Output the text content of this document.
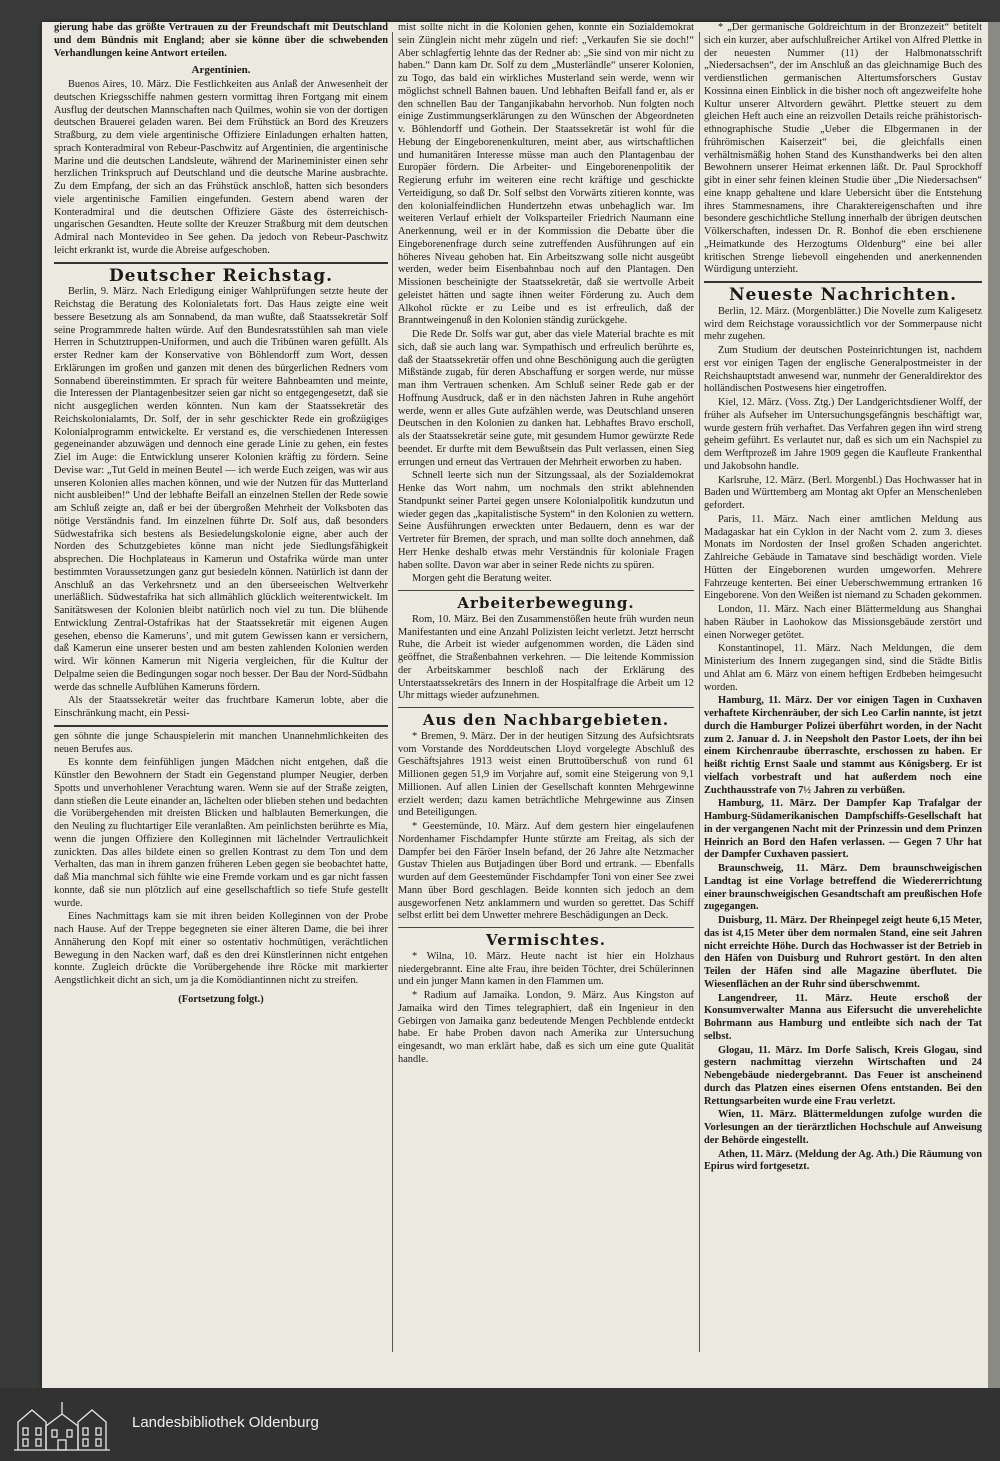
gierung habe das größte Vertrauen zu der Freundschaft mit Deutschland und dem Bündnis mit England; aber sie könne über die schwebenden Verhandlungen keine Antwort erteilen.

Argentinien.

Buenos Aires, 10. März. Die Festlichkeiten aus Anlaß der Anwesenheit der deutschen Kriegsschiffe nahmen gestern vormittag ihren Fortgang mit einem Ausflug der deutschen Mannschaften nach Quilmes, wohin sie von der dortigen deutschen Brauerei geladen waren. Bei dem Frühstück an Bord des Kreuzers Straßburg, zu dem viele argentinische Offiziere Einladungen erhalten hatten, sprach Konteradmiral von Rebeur-Paschwitz auf Argentinien, die argentinische Marine und die deutschen Landsleute, während der Marineminister einen sehr herzlichen Trinkspruch auf Deutschland und die deutsche Marine ausbrachte. Zu dem Empfang, der sich an das Frühstück anschloß, hatten sich besonders viele argentinische Familien eingefunden. Gestern abend waren der Konteradmiral und die deutschen Offiziere Gäste des österreichisch-ungarischen Gesandten. Heute sollte der Kreuzer Straßburg mit dem deutschen Admiral nach Montevideo in See gehen. Da jedoch von Rebeur-Paschwitz leicht erkrankt ist, wurde die Abreise aufgeschoben.

Deutscher Reichstag.

Berlin, 9. März. Nach Erledigung einiger Wahlprüfungen setzte heute der Reichstag die Beratung des Kolonialetats fort. Das Haus zeigte eine weit bessere Besetzung als am Sonnabend, da man wußte, daß Staatssekretär Solf seine Programmrede halten würde. Auf den Bundesratsstühlen sah man viele Herren in Schutztruppen-Uniformen, und auch die Tribünen waren gefüllt. Als erster Redner kam der Konservative von Böhlendorff zum Wort, dessen Erklärungen im großen und ganzen mit denen des bürgerlichen Redners vom Sonnabend übereinstimmten. Er sprach für weitere Bahnbeamten und meinte, die Interessen der Plantagenbesitzer seien gar nicht so entgegengesetzt, daß sie nicht ausgeglichen werden könnten. Nun kam der Staatssekretär des Reichskolonialamts, Dr. Solf, der in sehr geschickter Rede ein großzügiges Kolonialprogramm entwickelte. Er verstand es, die verschiedenen Interessen gegeneinander abzuwägen und dennoch eine gerade Linie zu gehen, ein festes Ziel im Auge: die Entwicklung unserer Kolonien kräftig zu fördern. Seine Devise war: „Tut Geld in meinen Beutel — ich werde Euch zeigen, was wir aus unseren Kolonien alles machen können, und wie der Nutzen für das Mutterland nicht ausbleiben!“ Und der lebhafte Beifall an einzelnen Stellen der Rede sowie am Schluß zeigte an, daß er bei der übergroßen Mehrheit der Volksboten das nötige Verständnis fand. Im einzelnen führte Dr. Solf aus, daß besonders Südwestafrika sich bestens als Besiedelungskolonie eigne, aber auch der Norden des Schutzgebietes könne man nicht jede Siedlungsfähigkeit absprechen. Die Hochplateaus in Kamerun und Ostafrika würde man unter bestimmten Voraussetzungen ganz gut besiedeln können. Natürlich ist dann der Anschluß an das Verkehrsnetz und an den überseeischen Weltverkehr unerläßlich. Südwestafrika hat sich allmählich glücklich weiterentwickelt. Im Sanitätswesen der Kolonien bleibt natürlich noch viel zu tun. Die blühende Entwicklung Zentral-Ostafrikas hat der Staatssekretär mit eigenen Augen gesehen, ebenso die Kamerunsʼ, und mit gutem Gewissen kann er versichern, daß Kamerun eine unserer besten und am besten zahlenden Kolonien werden wird. Wir können Kamerun mit Nigeria vergleichen, für die Kultur der Delpalme seien die Bedingungen sogar noch besser. Der Bau der Nord-Südbahn werde das schnelle Aufblühen Kameruns fördern.

Als der Staatssekretär weiter das fruchtbare Kamerun lobte, aber die Einschränkung macht, ein Pessi-

gen söhnte die junge Schauspielerin mit manchen Unannehmlichkeiten des neuen Berufes aus.

Es konnte dem feinfühligen jungen Mädchen nicht entgehen, daß die Künstler den Bewohnern der Stadt ein Gegenstand plumper Neugier, derben Spotts und unverhohlener Verachtung waren. Wenn sie auf der Straße zeigten, dann stießen die Leute einander an, lächelten oder blieben stehen und bedachten die Vorübergehenden mit dreisten Blicken und halblauten Bemerkungen, die den Neuling zu fluchtartiger Eile veranlaßten. Am peinlichsten berührte es Mia, wenn die jungen Offiziere den Kolleginnen mit lächelnder Vertraulichkeit zunickten. Das alles bildete einen so grellen Kontrast zu dem Ton und dem Verhalten, das man in ihrem ganzen früheren Leben gegen sie beobachtet hatte, daß Mia manchmal sich fühlte wie eine Fremde vorkam und es gar nicht fassen konnte, daß sie nun plötzlich auf eine gesellschaftlich so tiefe Stufe gestellt wurde.

Eines Nachmittags kam sie mit ihren beiden Kolleginnen von der Probe nach Hause. Auf der Treppe begegneten sie einer älteren Dame, die bei ihrer Annäherung den Kopf mit einer so ostentativ hochmütigen, verächtlichen Bewegung in den Nacken warf, daß es den drei Künstlerinnen nicht entgehen konnte. Zugleich drückte die Vorübergehende ihre Röcke mit markierter Aengstlichkeit dicht an sich, um ja die Komödiantinnen nicht zu streifen.

(Fortsetzung folgt.)

mist sollte nicht in die Kolonien gehen, konnte ein Sozialdemokrat sein Zünglein nicht mehr zügeln und rief: „Verkaufen Sie sie doch!“ Aber schlagfertig lehnte das der Redner ab: „Sie sind von mir nicht zu haben.“ Dann kam Dr. Solf zu dem „Musterländle“ unserer Kolonien, zu Togo, das bald ein wirkliches Musterland sein werde, wenn wir möglichst schnell Bahnen bauen. Und lebhaften Beifall fand er, als er den schnellen Bau der Tanganjikabahn hervorhob. Nun folgten noch einige Zustimmungserklärungen zu den Wünschen der Abgeordneten v. Böhlendorff und Gothein. Der Staatssekretär ist wohl für die Hebung der Eingeborenenkulturen, meint aber, aus wirtschaftlichen und humanitären Interesse müsse man auch den Plantagenbau der Europäer fördern. Die Arbeiter- und Eingeborenenpolitik der Regierung erfuhr im weiteren eine recht kräftige und geschickte Verteidigung, so daß Dr. Solf selbst den Vorwärts zitieren konnte, was den kolonialfeindlichen Hundertzehn etwas unbehaglich war. Im weiteren Verlauf erhielt der Volksparteiler Friedrich Naumann eine Anerkennung, weil er in der Kommission die Debatte über die Eingeborenenfrage durch seine zutreffenden Ausführungen auf ein höheres Niveau gehoben hat. Ein Arbeitszwang solle nicht ausgeübt werden, weder beim Eisenbahnbau noch auf den Plantagen. Den Missionen bescheinigte der Staatssekretär, daß sie wertvolle Arbeit geleistet hätten und sagte ihnen weiter Förderung zu. Auch dem Alkohol rückte er zu Leibe und es ist erfreulich, daß der Branntweingenuß in den Kolonien ständig zurückgehe.

Die Rede Dr. Solfs war gut, aber das viele Material brachte es mit sich, daß sie auch lang war. Sympathisch und erfreulich berührte es, daß der Staatssekretär offen und ohne Beschönigung auch die gerügten Mißstände zugab, für deren Abschaffung er sorgen werde, nur müsse man ihm Vertrauen schenken. Am Schluß seiner Rede gab er der Hoffnung Ausdruck, daß er in den nächsten Jahren in Ruhe angehört werde, wenn er alles Gute aufzählen werde, was Deutschland unseren Deutschen in den Kolonien zu danken hat. Lebhaftes Bravo erscholl, als der Staatssekretär seine gute, mit gesundem Humor gewürzte Rede beendet. Er durfte mit dem Bewußtsein das Pult verlassen, einen Sieg errungen und erneut das Vertrauen der Mehrheit erworben zu haben.

Schnell leerte sich nun der Sitzungssaal, als der Sozialdemokrat Henke das Wort nahm, um nochmals den strikt ablehnenden Standpunkt seiner Partei gegen unsere Kolonialpolitik kundzutun und wieder gegen das „kapitalistische System“ in den Kolonien zu wettern. Seine Ausführungen erweckten unter Bedauern, denn es war der Vertreter für Bremen, der sprach, und man sollte doch annehmen, daß Herr Henke deshalb etwas mehr Verständnis für koloniale Fragen haben sollte. Davon war aber in seiner Rede nichts zu spüren.

Morgen geht die Beratung weiter.

Arbeiterbewegung.

Rom, 10. März. Bei den Zusammenstößen heute früh wurden neun Manifestanten und eine Anzahl Polizisten leicht verletzt. Jetzt herrscht Ruhe, die Arbeit ist wieder aufgenommen worden, die Läden sind geöffnet, die Straßenbahnen verkehren. — Die leitende Kommission der Arbeitskammer beschloß nach der Erklärung des Unterstaatssekretärs des Innern in der Hospitalfrage die Arbeit um 12 Uhr mittags wieder aufzunehmen.

Aus den Nachbargebieten.

* Bremen, 9. März. Der in der heutigen Sitzung des Aufsichtsrats vom Vorstande des Norddeutschen Lloyd vorgelegte Abschluß des Geschäftsjahres 1913 weist einen Bruttoüberschuß von rund 61 Millionen gegen 51,9 im Vorjahre auf, somit eine Steigerung von 9,1 Millionen. Auf allen Linien der Gesellschaft konnten Mehrgewinne erzielt werden; dazu kamen beträchtliche Mehrgewinne aus Zinsen und Beteiligungen.

* Geestemünde, 10. März. Auf dem gestern hier eingelaufenen Nordenhamer Fischdampfer Hunte stürzte am Freitag, als sich der Dampfer bei den Färöer Inseln befand, der 26 Jahre alte Netzmacher Gustav Thielen aus Butjadingen über Bord und ertrank. — Ebenfalls wurden auf dem Geestemünder Fischdampfer Toni von einer See zwei Mann über Bord geschlagen. Beide konnten sich jedoch an dem ausgeworfenen Netz anklammern und wurden so gerettet. Das Schiff selbst erlitt bei dem Unwetter mehrere Beschädigungen an Deck.

Vermischtes.

* Wilna, 10. März. Heute nacht ist hier ein Holzhaus niedergebrannt. Eine alte Frau, ihre beiden Töchter, drei Schülerinnen und ein junger Mann kamen in den Flammen um.

* Radium auf Jamaika. London, 9. März. Aus Kingston auf Jamaika wird den Times telegraphiert, daß ein Ingenieur in den Gebirgen von Jamaika ganz bedeutende Mengen Pechblende entdeckt habe. Er habe Proben davon nach Amerika zur Untersuchung eingesandt, wo man erklärt habe, daß es sich um eine gute Qualität handle.

* „Der germanische Goldreichtum in der Bronzezeit“ betitelt sich ein kurzer, aber aufschlußreicher Artikel von Alfred Plettke in der neuesten Nummer (11) der Halbmonatsschrift „Niedersachsen“, der im Anschluß an das gleichnamige Buch des verdienstlichen germanischen Altertumsforschers Gustav Kossinna einen Einblick in die bisher noch oft angezweifelte hohe Kultur unserer Altvordern gewährt. Plettke steuert zu dem gleichen Heft auch eine an reizvollen Details reiche prähistorisch-ethnographische Studie „Ueber die Elbgermanen in der frührömischen Kaiserzeit“ bei, die gleichfalls einen verhältnismäßig hohen Stand des Kunsthandwerks bei den alten Bewohnern unserer Heimat erkennen läßt. Dr. Paul Sprockhoff gibt in einer sehr feinen kleinen Studie über „Die Niedersachsen“ eine knapp gehaltene und klare Uebersicht über die Entstehung ihres Stammesnamens, ihre Charaktereigenschaften und ihre besondere geschichtliche Stellung innerhalb der übrigen deutschen Völkerschaften, indessen Dr. R. Bonhof die eben erschienene „Heimatkunde des Herzogtums Oldenburg“ eine bei aller kritischen Strenge liebevoll eingehenden und anerkennenden Würdigung unterzieht.

Neueste Nachrichten.

Berlin, 12. März. (Morgenblätter.) Die Novelle zum Kaligesetz wird dem Reichstage voraussichtlich vor der Sommerpause nicht mehr zugehen.

Zum Studium der deutschen Posteinrichtungen ist, nachdem erst vor einigen Tagen der englische Generalpostmeister in der Reichshauptstadt anwesend war, nunmehr der Generaldirektor des holländischen Postwesens hier eingetroffen.

Kiel, 12. März. (Voss. Ztg.) Der Landgerichtsdiener Wolff, der früher als Aufseher im Untersuchungsgefängnis beschäftigt war, wurde gestern früh verhaftet. Das Verfahren gegen ihn wird streng geheim geführt. Es verlautet nur, daß es sich um ein Nachspiel zu dem Werftprozeß im Jahre 1909 gegen die Kaufleute Frankenthal und Jakobsohn handle.

Karlsruhe, 12. März. (Berl. Morgenbl.) Das Hochwasser hat in Baden und Württemberg am Montag akt Opfer an Menschenleben gefordert.

Paris, 11. März. Nach einer amtlichen Meldung aus Madagaskar hat ein Cyklon in der Nacht vom 2. zum 3. dieses Monats im Nordosten der Insel großen Schaden angerichtet. Zahlreiche Gebäude in Tamatave sind beschädigt worden. Viele Hütten der Eingeborenen wurden umgeworfen. Mehrere Fahrzeuge kenterten. Bei einer Ueberschwemmung ertranken 16 Eingeborene. Von den Weißen ist niemand zu Schaden gekommen.

London, 11. März. Nach einer Blättermeldung aus Shanghai haben Räuber in Laohokow das Missionsgebäude zerstört und einen Norweger getötet.

Konstantinopel, 11. März. Nach Meldungen, die dem Ministerium des Innern zugegangen sind, sind die Städte Bitlis und Ahlat am 6. März von einem heftigen Erdbeben heimgesucht worden.

Hamburg, 11. März. Der vor einigen Tagen in Cuxhaven verhaftete Kirchenräuber, der sich Leo Carlin nannte, ist jetzt durch die Hamburger Polizei überführt worden, in der Nacht zum 2. Januar d. J. in Neepsholt den Pastor Loets, der ihn bei einem Kirchenraube überraschte, erschossen zu haben. Er heißt richtig Ernst Saale und stammt aus Königsberg. Er ist vielfach vorbestraft und hat außerdem noch eine Zuchthausstrafe von 7½ Jahren zu verbüßen.

Hamburg, 11. März. Der Dampfer Kap Trafalgar der Hamburg-Südamerikanischen Dampfschiffs-Gesellschaft hat in der vergangenen Nacht mit der Prinzessin und dem Prinzen Heinrich an Bord den Hafen verlassen. — Gegen 7 Uhr hat der Dampfer Cuxhaven passiert.

Braunschweig, 11. März. Dem braunschweigischen Landtag ist eine Vorlage betreffend die Wiedererrichtung einer braunschweigischen Gesandtschaft am preußischen Hofe zugegangen.

Duisburg, 11. März. Der Rheinpegel zeigt heute 6,15 Meter, das ist 4,15 Meter über dem normalen Stand, eine seit Jahren nicht erreichte Höhe. Durch das Hochwasser ist der Betrieb in den Häfen von Duisburg und Ruhrort gestört. In den alten Teilen der Häfen sind alle Magazine überflutet. Die Wiesenflächen an der Ruhr sind überschwemmt.

Langendreer, 11. März. Heute erschoß der Konsumverwalter Manna aus Eifersucht die unverehelichte Bohrmann aus Hamburg und entleibte sich nach der Tat selbst.

Glogau, 11. März. Im Dorfe Salisch, Kreis Glogau, sind gestern nachmittag vierzehn Wirtschaften und 24 Nebengebäude niedergebrannt. Das Feuer ist anscheinend durch das Platzen eines eisernen Ofens entstanden. Bei den Rettungsarbeiten wurde eine Frau verletzt.

Wien, 11. März. Blättermeldungen zufolge wurden die Vorlesungen an der tierärztlichen Hochschule auf Anweisung der Behörde eingestellt.

Athen, 11. März. (Meldung der Ag. Ath.) Die Räumung von Epirus wird fortgesetzt.

Landesbibliothek Oldenburg
